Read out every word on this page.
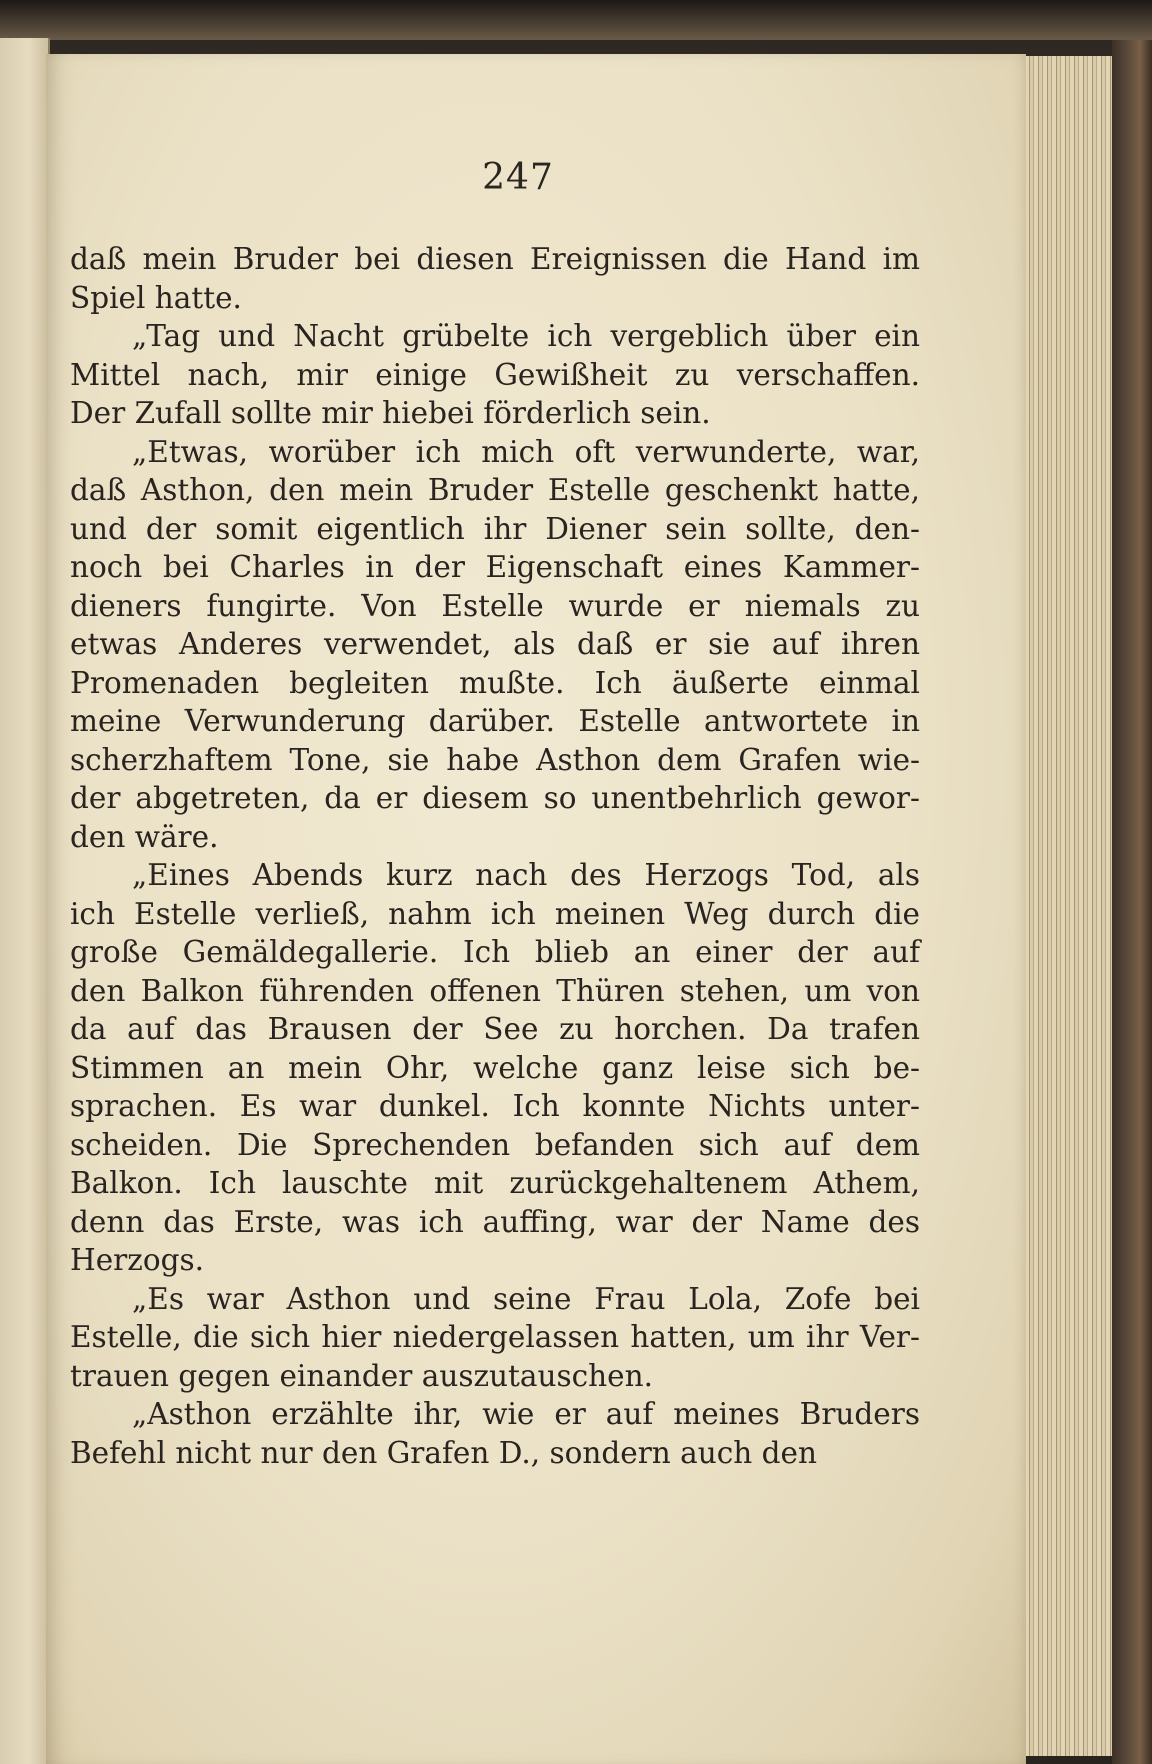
247
daß mein Bruder bei diesen Ereignissen die Hand im
Spiel hatte.
„Tag und Nacht grübelte ich vergeblich über ein
Mittel nach, mir einige Gewißheit zu verschaffen.
Der Zufall sollte mir hiebei förderlich sein.
„Etwas, worüber ich mich oft verwunderte, war,
daß Asthon, den mein Bruder Estelle geschenkt hatte,
und der somit eigentlich ihr Diener sein sollte, den-
noch bei Charles in der Eigenschaft eines Kammer-
dieners fungirte. Von Estelle wurde er niemals zu
etwas Anderes verwendet, als daß er sie auf ihren
Promenaden begleiten mußte. Ich äußerte einmal
meine Verwunderung darüber. Estelle antwortete in
scherzhaftem Tone, sie habe Asthon dem Grafen wie-
der abgetreten, da er diesem so unentbehrlich gewor-
den wäre.
„Eines Abends kurz nach des Herzogs Tod, als
ich Estelle verließ, nahm ich meinen Weg durch die
große Gemäldegallerie. Ich blieb an einer der auf
den Balkon führenden offenen Thüren stehen, um von
da auf das Brausen der See zu horchen. Da trafen
Stimmen an mein Ohr, welche ganz leise sich be-
sprachen. Es war dunkel. Ich konnte Nichts unter-
scheiden. Die Sprechenden befanden sich auf dem
Balkon. Ich lauschte mit zurückgehaltenem Athem,
denn das Erste, was ich auffing, war der Name des
Herzogs.
„Es war Asthon und seine Frau Lola, Zofe bei
Estelle, die sich hier niedergelassen hatten, um ihr Ver-
trauen gegen einander auszutauschen.
„Asthon erzählte ihr, wie er auf meines Bruders
Befehl nicht nur den Grafen D., sondern auch den
